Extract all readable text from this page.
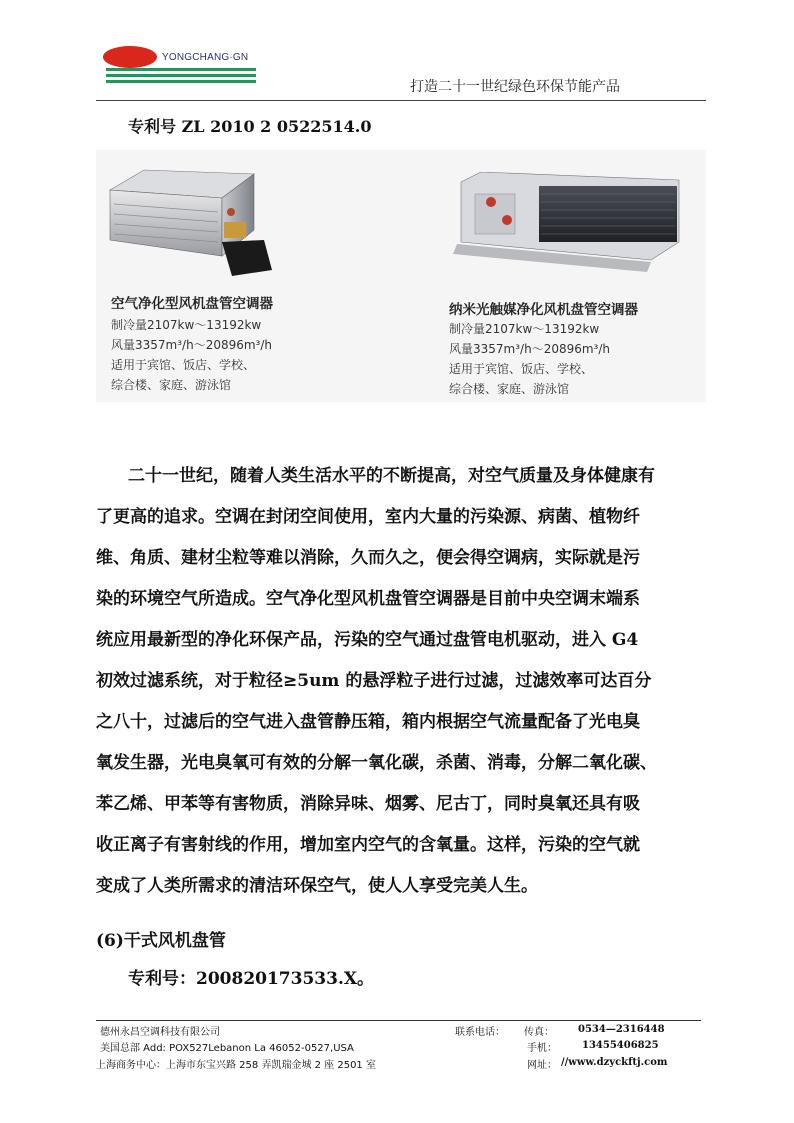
YONGCHANG·GN
打造二十一世纪绿色环保节能产品
专利号 ZL 2010 2 0522514.0
空气净化型风机盘管空调器
制冷量2107kw～13192kw
风量3357m³/h～20896m³/h
适用于宾馆、饭店、学校、
综合楼、家庭、游泳馆
纳米光触媒净化风机盘管空调器
制冷量2107kw～13192kw
风量3357m³/h～20896m³/h
适用于宾馆、饭店、学校、
综合楼、家庭、游泳馆
二十一世纪，随着人类生活水平的不断提高，对空气质量及身体健康有
了更高的追求。空调在封闭空间使用，室内大量的污染源、病菌、植物纤
维、角质、建材尘粒等难以消除，久而久之，便会得空调病，实际就是污
染的环境空气所造成。空气净化型风机盘管空调器是目前中央空调末端系
统应用最新型的净化环保产品，污染的空气通过盘管电机驱动，进入 G4
初效过滤系统，对于粒径≥5um 的悬浮粒子进行过滤，过滤效率可达百分
之八十，过滤后的空气进入盘管静压箱，箱内根据空气流量配备了光电臭
氧发生器，光电臭氧可有效的分解一氧化碳，杀菌、消毒，分解二氧化碳、
苯乙烯、甲苯等有害物质，消除异味、烟雾、尼古丁，同时臭氧还具有吸
收正离子有害射线的作用，增加室内空气的含氧量。这样，污染的空气就
变成了人类所需求的清洁环保空气，使人人享受完美人生。
(6)干式风机盘管
专利号：200820173533.X。
德州永昌空调科技有限公司
美国总部 Add: POX527Lebanon La 46052-0527,USA
上海商务中心：上海市东宝兴路 258 弄凯瑞金城 2 座 2501 室
联系电话： 传真： 0534—2316448
手机：	13455406825
网址： //www.dzyckftj.com
